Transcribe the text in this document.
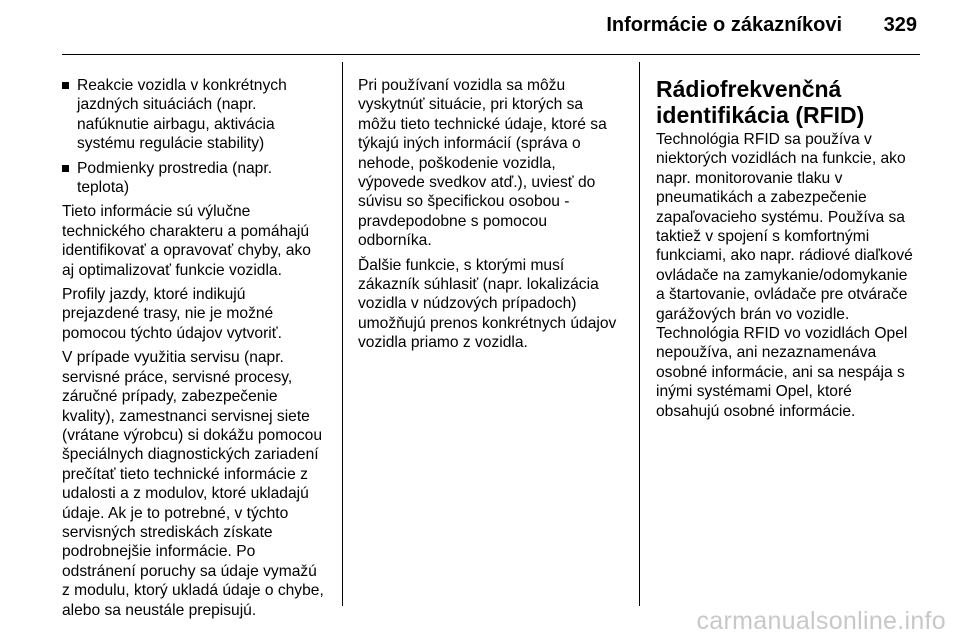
Informácie o zákazníkovi 329
Reakcie vozidla v konkrétnych
jazdných situáciách (napr.
nafúknutie airbagu, aktivácia
systému regulácie stability)
Podmienky prostredia (napr.
teplota)
Tieto informácie sú výlučne
technického charakteru a pomáhajú
identifikovať a opravovať chyby, ako
aj optimalizovať funkcie vozidla.
Profily jazdy, ktoré indikujú
prejazdené trasy, nie je možné
pomocou týchto údajov vytvoriť.
V prípade využitia servisu (napr.
servisné práce, servisné procesy,
záručné prípady, zabezpečenie
kvality), zamestnanci servisnej siete
(vrátane výrobcu) si dokážu pomocou
špeciálnych diagnostických zariadení
prečítať tieto technické informácie z
udalosti a z modulov, ktoré ukladajú
údaje. Ak je to potrebné, v týchto
servisných strediskách získate
podrobnejšie informácie. Po
odstránení poruchy sa údaje vymažú
z modulu, ktorý ukladá údaje o chybe,
alebo sa neustále prepisujú.
Pri používaní vozidla sa môžu
vyskytnúť situácie, pri ktorých sa
môžu tieto technické údaje, ktoré sa
týkajú iných informácií (správa o
nehode, poškodenie vozidla,
výpovede svedkov atď.), uviesť do
súvisu so špecifickou osobou -
pravdepodobne s pomocou
odborníka.
Ďalšie funkcie, s ktorými musí
zákazník súhlasiť (napr. lokalizácia
vozidla v núdzových prípadoch)
umožňujú prenos konkrétnych údajov
vozidla priamo z vozidla.
Rádiofrekvenčná
identifikácia (RFID)
Technológia RFID sa používa v
niektorých vozidlách na funkcie, ako
napr. monitorovanie tlaku v
pneumatikách a zabezpečenie
zapaľovacieho systému. Používa sa
taktiež v spojení s komfortnými
funkciami, ako napr. rádiové diaľkové
ovládače na zamykanie/odomykanie
a štartovanie, ovládače pre otvárače
garážových brán vo vozidle.
Technológia RFID vo vozidlách Opel
nepoužíva, ani nezaznamenáva
osobné informácie, ani sa nespája s
inými systémami Opel, ktoré
obsahujú osobné informácie.
carmanualsonline.info
